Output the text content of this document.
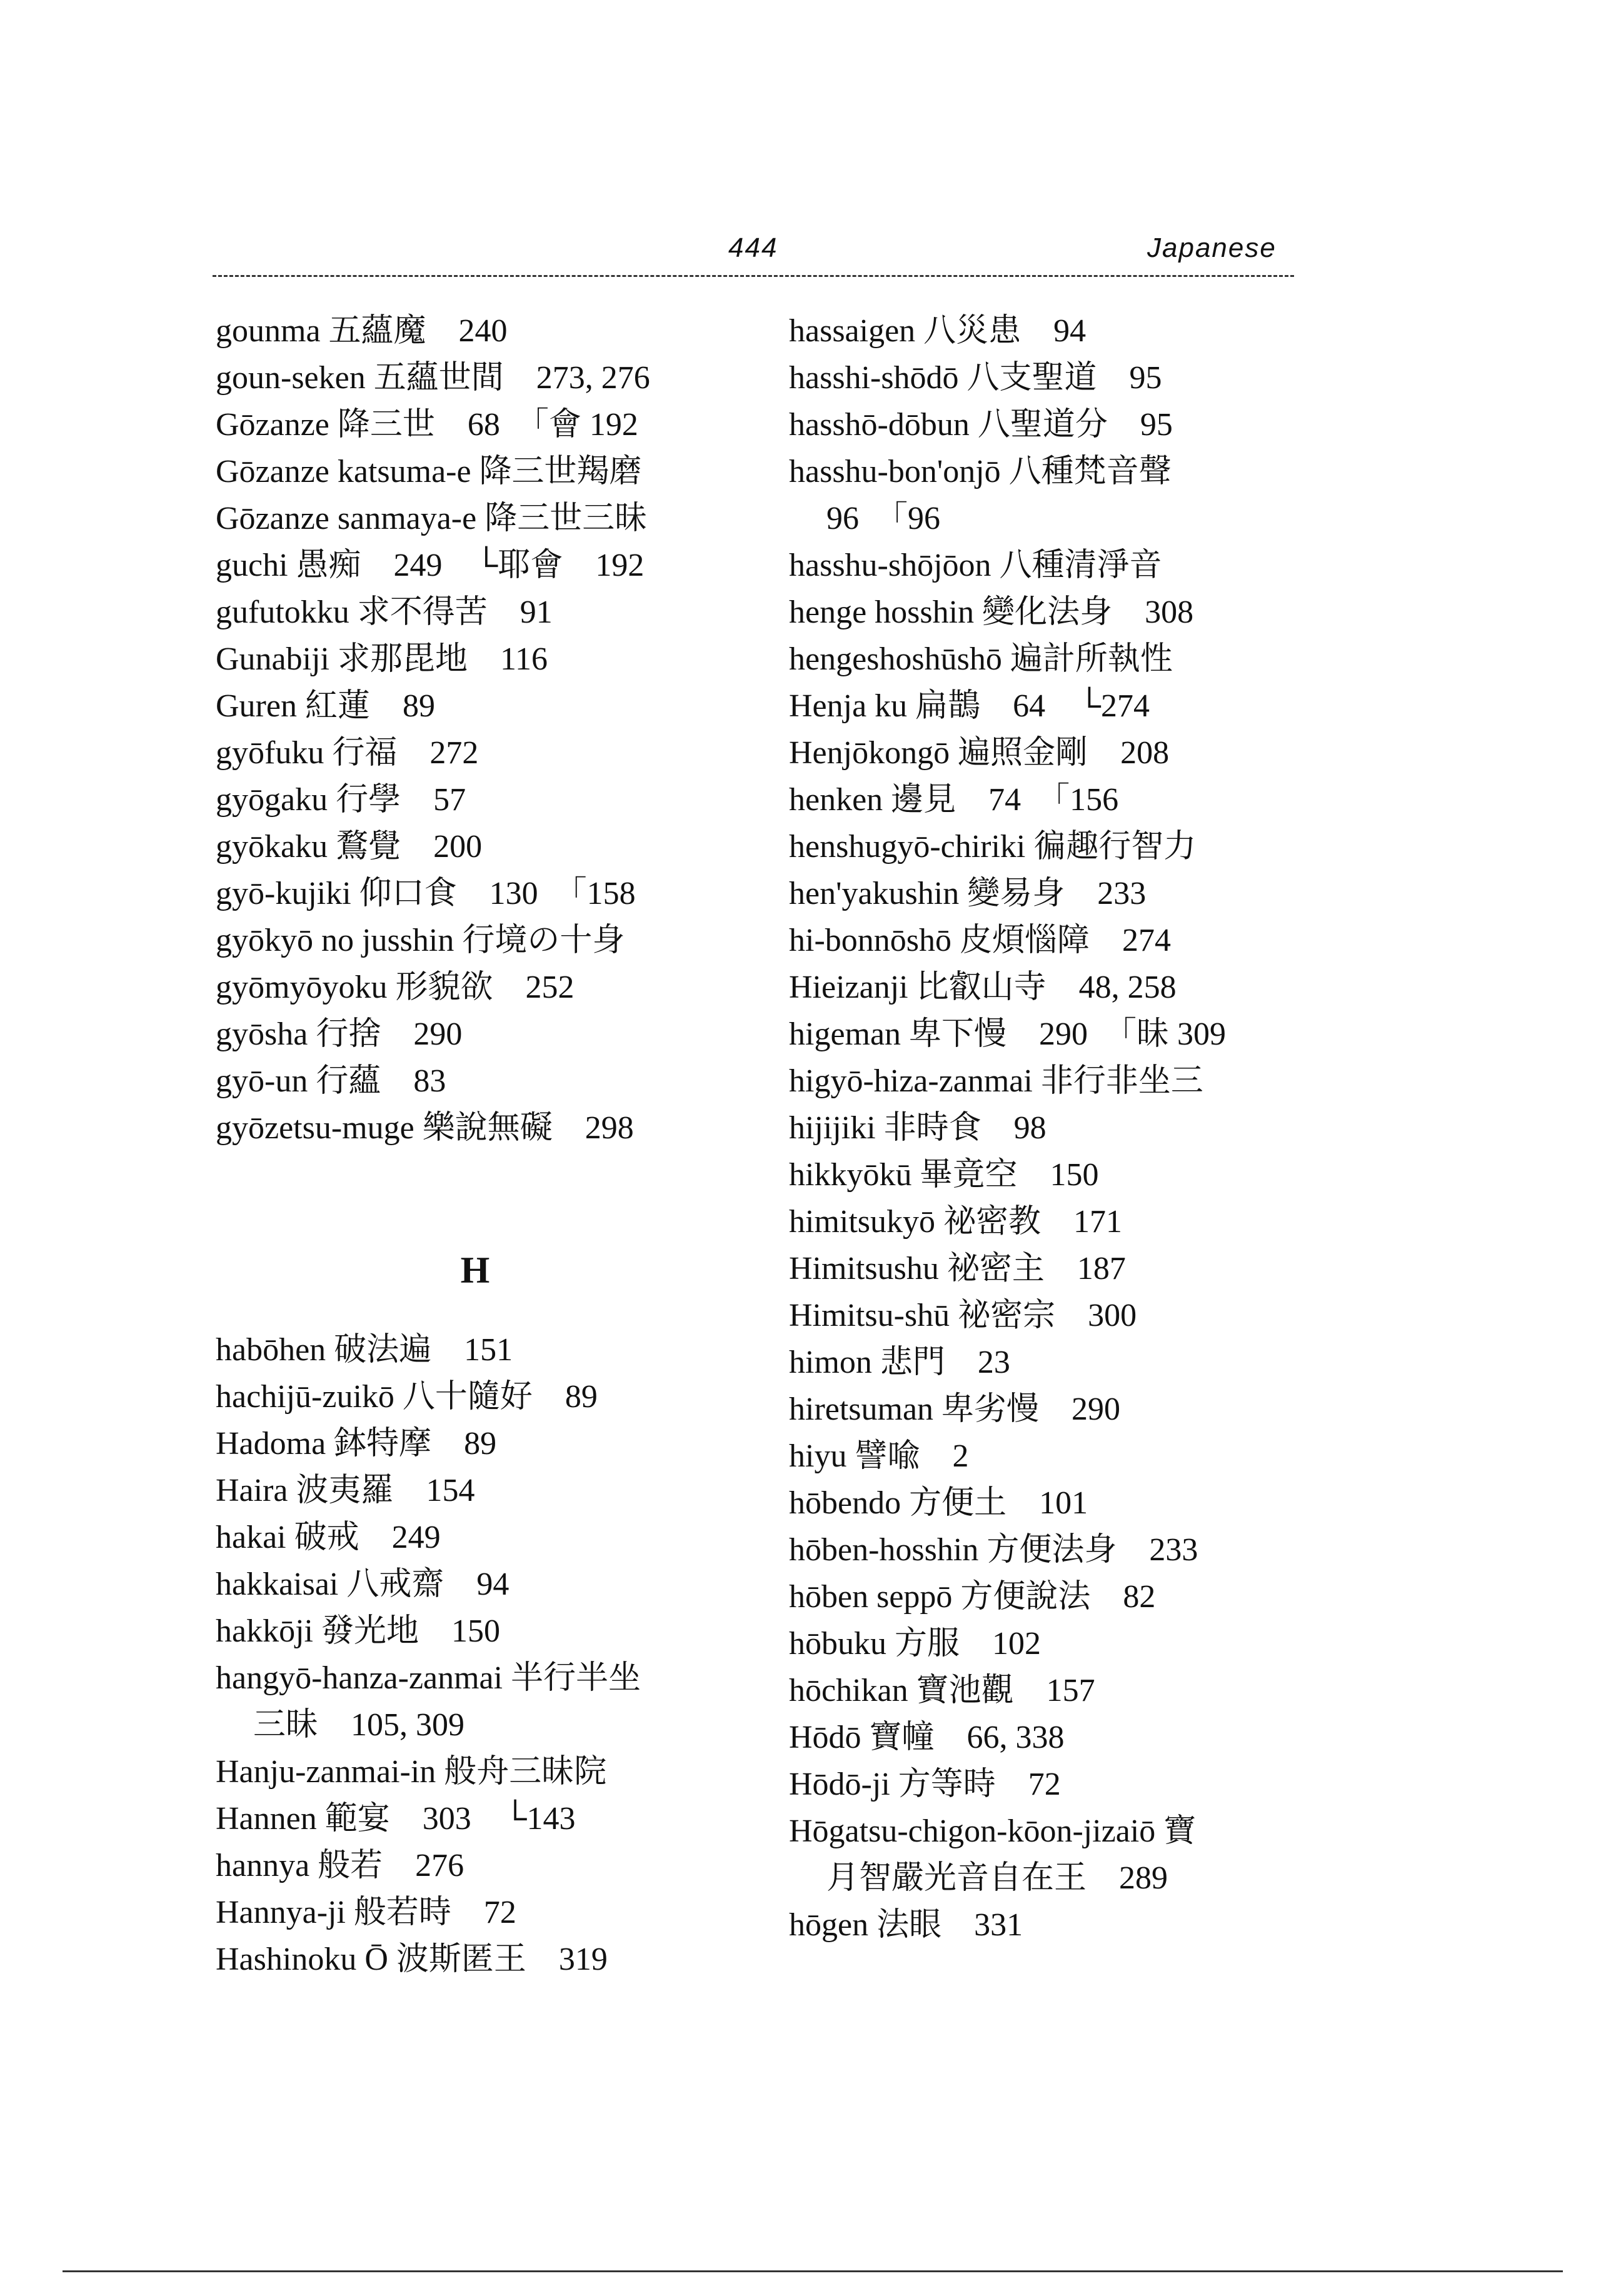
444	Japanese
gounma 五蘊魔　240
goun-seken 五蘊世間　273, 276
Gōzanze 降三世　68　「會 192
Gōzanze katsuma-e 降三世羯磨
Gōzanze sanmaya-e 降三世三昧
guchi 愚痴　249　└耶會　192
gufutokku 求不得苦　91
Gunabiji 求那毘地　116
Guren 紅蓮　89
gyōfuku 行福　272
gyōgaku 行學　57
gyōkaku 鶩覺　200
gyō-kujiki 仰口食　130　「158
gyōkyō no jusshin 行境の十身
gyōmyōyoku 形貌欲　252
gyōsha 行捨　290
gyō-un 行蘊　83
gyōzetsu-muge 樂說無礙　298
H
habōhen 破法遍　151
hachijū-zuikō 八十隨好　89
Hadoma 鉢特摩　89
Haira 波夷羅　154
hakai 破戒　249
hakkaisai 八戒齋　94
hakkōji 發光地　150
hangyō-hanza-zanmai 半行半坐
三昧　105, 309
Hanju-zanmai-in 般舟三昧院
Hannen 範宴　303　└143
hannya 般若　276
Hannya-ji 般若時　72
Hashinoku Ō 波斯匿王　319
hassaigen 八災患　94
hasshi-shōdō 八支聖道　95
hasshō-dōbun 八聖道分　95
hasshu-bon'onjō 八種梵音聲
96　「96
hasshu-shōjōon 八種清淨音
henge hosshin 變化法身　308
hengeshoshūshō 遍計所執性
Henja ku 扁鵲　64　└274
Henjōkongō 遍照金剛　208
henken 邊見　74　「156
henshugyō-chiriki 徧趣行智力
hen'yakushin 變易身　233
hi-bonnōshō 皮煩惱障　274
Hieizanji 比叡山寺　48, 258
higeman 卑下慢　290　「昧 309
higyō-hiza-zanmai 非行非坐三
hijijiki 非時食　98
hikkyōkū 畢竟空　150
himitsukyō 祕密教　171
Himitsushu 祕密主　187
Himitsu-shū 祕密宗　300
himon 悲門　23
hiretsuman 卑劣慢　290
hiyu 譬喩　2
hōbendo 方便土　101
hōben-hosshin 方便法身　233
hōben seppō 方便說法　82
hōbuku 方服　102
hōchikan 寶池觀　157
Hōdō 寶幢　66, 338
Hōdō-ji 方等時　72
Hōgatsu-chigon-kōon-jizaiō 寶
月智嚴光音自在王　289
hōgen 法眼　331
